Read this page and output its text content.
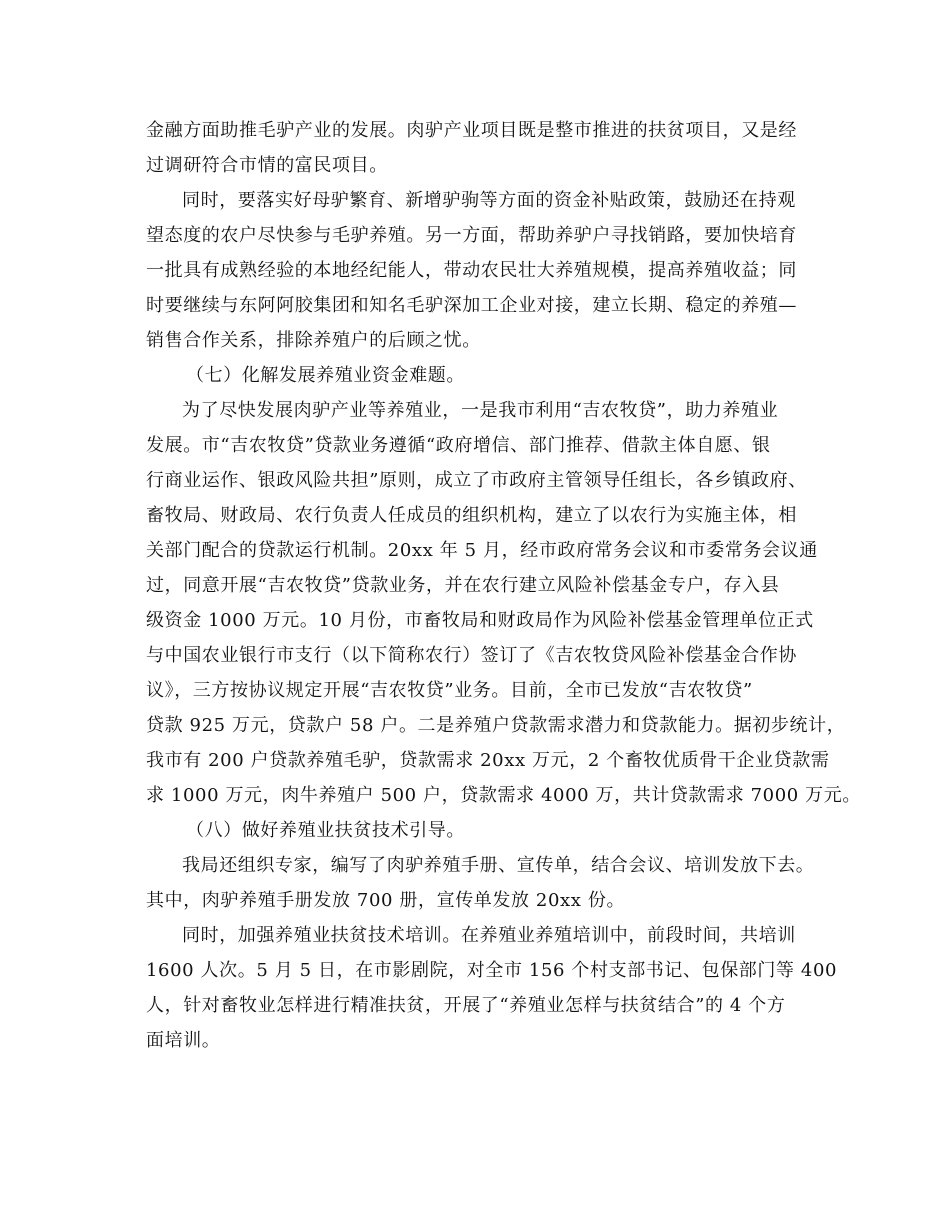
金融方面助推毛驴产业的发展。肉驴产业项目既是整市推进的扶贫项目，又是经
过调研符合市情的富民项目。
同时，要落实好母驴繁育、新增驴驹等方面的资金补贴政策，鼓励还在持观
望态度的农户尽快参与毛驴养殖。另一方面，帮助养驴户寻找销路，要加快培育
一批具有成熟经验的本地经纪能人，带动农民壮大养殖规模，提高养殖收益；同
时要继续与东阿阿胶集团和知名毛驴深加工企业对接，建立长期、稳定的养殖—
销售合作关系，排除养殖户的后顾之忧。
（七）化解发展养殖业资金难题。
为了尽快发展肉驴产业等养殖业，一是我市利用“吉农牧贷”，助力养殖业
发展。市“吉农牧贷”贷款业务遵循“政府增信、部门推荐、借款主体自愿、银
行商业运作、银政风险共担”原则，成立了市政府主管领导任组长，各乡镇政府、
畜牧局、财政局、农行负责人任成员的组织机构，建立了以农行为实施主体，相
关部门配合的贷款运行机制。20xx 年 5 月，经市政府常务会议和市委常务会议通
过，同意开展“吉农牧贷”贷款业务，并在农行建立风险补偿基金专户，存入县
级资金 1000 万元。10 月份，市畜牧局和财政局作为风险补偿基金管理单位正式
与中国农业银行市支行（以下简称农行）签订了《吉农牧贷风险补偿基金合作协
议》，三方按协议规定开展“吉农牧贷”业务。目前，全市已发放“吉农牧贷”
贷款 925 万元，贷款户 58 户。二是养殖户贷款需求潜力和贷款能力。据初步统计，
我市有 200 户贷款养殖毛驴，贷款需求 20xx 万元，2 个畜牧优质骨干企业贷款需
求 1000 万元，肉牛养殖户 500 户，贷款需求 4000 万，共计贷款需求 7000 万元。
（八）做好养殖业扶贫技术引导。
我局还组织专家，编写了肉驴养殖手册、宣传单，结合会议、培训发放下去。
其中，肉驴养殖手册发放 700 册，宣传单发放 20xx 份。
同时，加强养殖业扶贫技术培训。在养殖业养殖培训中，前段时间，共培训
1600 人次。5 月 5 日，在市影剧院，对全市 156 个村支部书记、包保部门等 400
人，针对畜牧业怎样进行精准扶贫，开展了“养殖业怎样与扶贫结合”的 4 个方
面培训。
